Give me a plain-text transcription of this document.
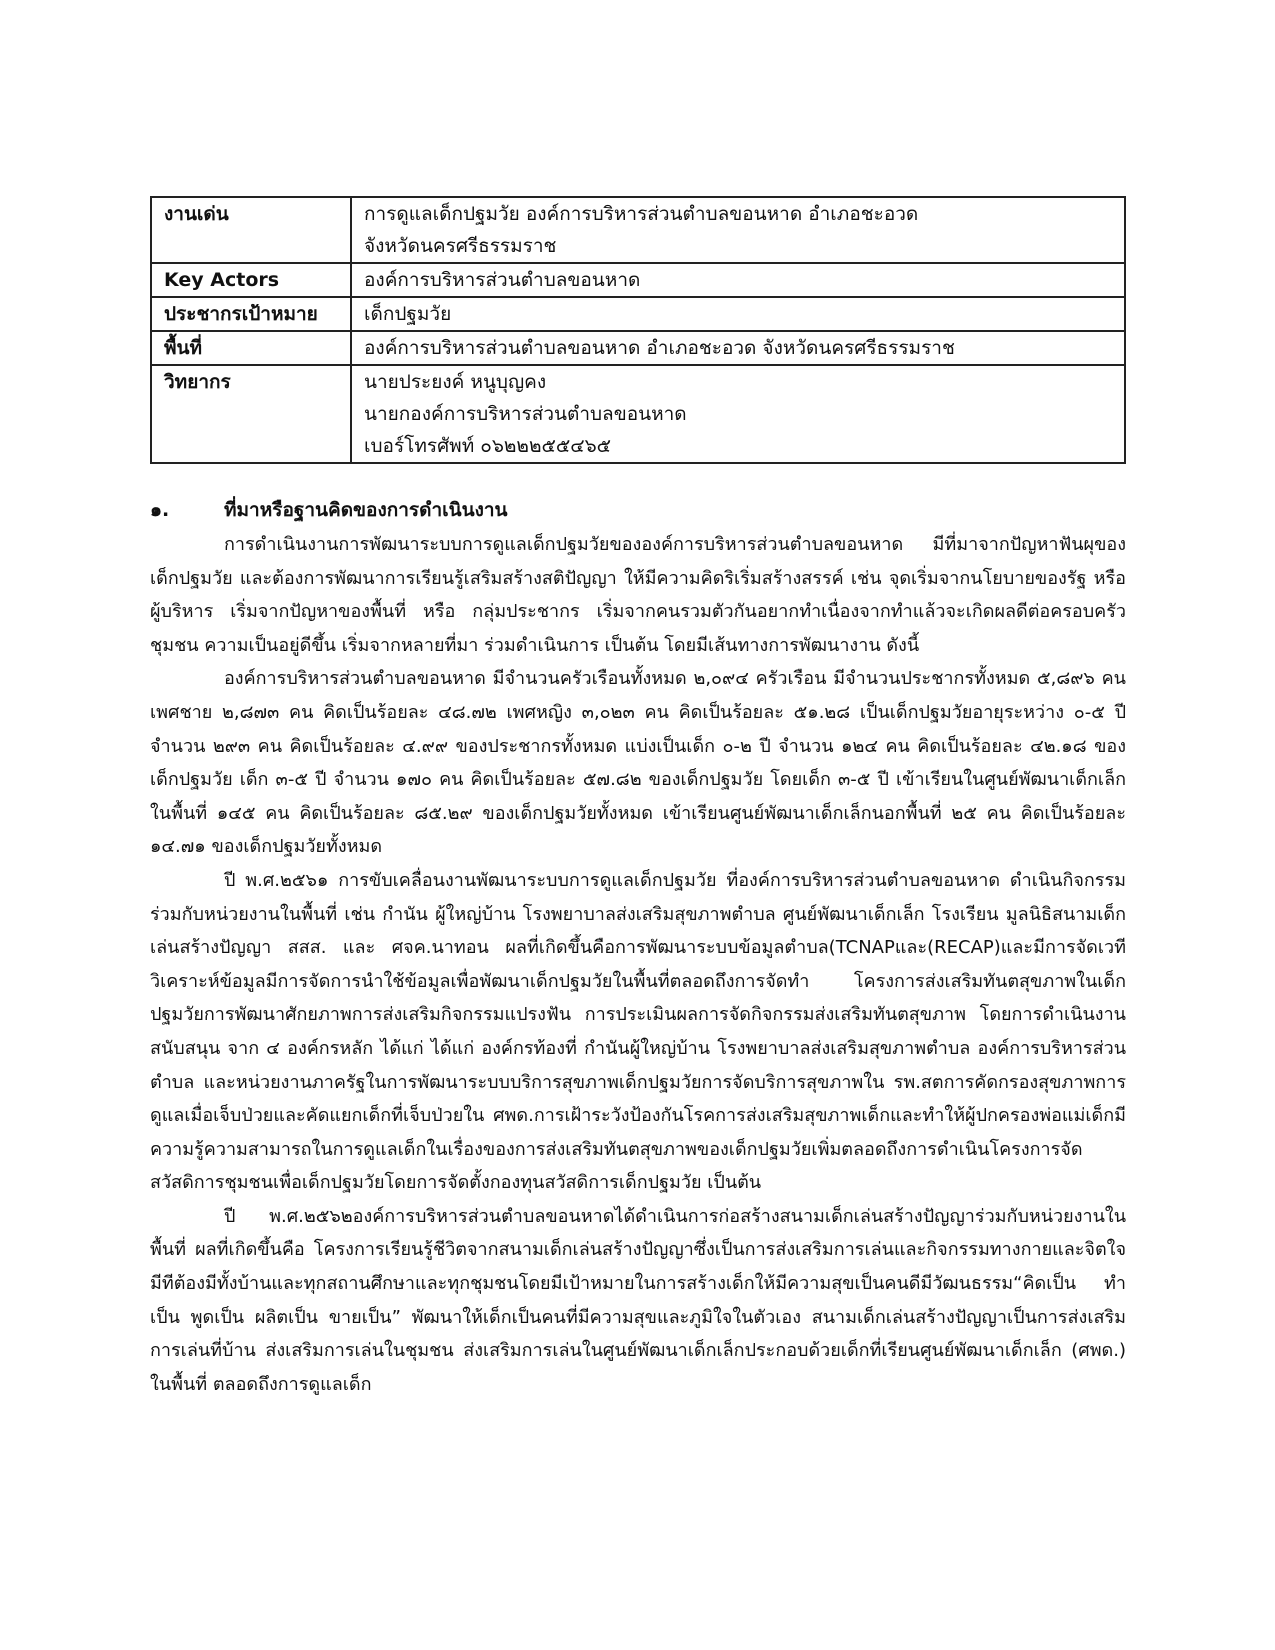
งานเด่น	การดูแลเด็กปฐมวัย องค์การบริหารส่วนตำบลขอนหาด อำเภอชะอวด
จังหวัดนครศรีธรรมราช

Key Actors	องค์การบริหารส่วนตำบลขอนหาด

ประชากรเป้าหมาย	เด็กปฐมวัย

พื้นที่	องค์การบริหารส่วนตำบลขอนหาด อำเภอชะอวด จังหวัดนครศรีธรรมราช

วิทยากร	นายประยงค์ หนูบุญคง
นายกองค์การบริหารส่วนตำบลขอนหาด
เบอร์โทรศัพท์ ๐๖๒๒๒๕๕๔๖๕
๑.	ที่มาหรือฐานคิดของการดำเนินงาน

การดำเนินงานการพัฒนาระบบการดูแลเด็กปฐมวัยขององค์การบริหารส่วนตำบลขอนหาด มีที่มาจากปัญหาฟันผุของเด็กปฐมวัย และต้องการพัฒนาการเรียนรู้เสริมสร้างสติปัญญา ให้มีความคิดริเริ่มสร้างสรรค์ เช่น จุดเริ่มจากนโยบายของรัฐ หรือผู้บริหาร เริ่มจากปัญหาของพื้นที่ หรือ กลุ่มประชากร เริ่มจากคนรวมตัวกันอยากทำเนื่องจากทำแล้วจะเกิดผลดีต่อครอบครัว ชุมชน ความเป็นอยู่ดีขึ้น เริ่มจากหลายที่มา ร่วมดำเนินการ เป็นต้น โดยมีเส้นทางการพัฒนางาน ดังนี้

องค์การบริหารส่วนตำบลขอนหาด มีจำนวนครัวเรือนทั้งหมด ๒,๐๙๔ ครัวเรือน มีจำนวนประชากรทั้งหมด ๕,๘๙๖ คน เพศชาย ๒,๘๗๓ คน คิดเป็นร้อยละ ๔๘.๗๒ เพศหญิง ๓,๐๒๓ คน คิดเป็นร้อยละ ๕๑.๒๘ เป็นเด็กปฐมวัยอายุระหว่าง ๐-๕ ปี จำนวน ๒๙๓ คน คิดเป็นร้อยละ ๔.๙๙ ของประชากรทั้งหมด แบ่งเป็นเด็ก ๐-๒ ปี จำนวน ๑๒๔ คน คิดเป็นร้อยละ ๔๒.๑๘ ของเด็กปฐมวัย เด็ก ๓-๕ ปี จำนวน ๑๗๐ คน คิดเป็นร้อยละ ๕๗.๘๒ ของเด็กปฐมวัย โดยเด็ก ๓-๕ ปี เข้าเรียนในศูนย์พัฒนาเด็กเล็กในพื้นที่ ๑๔๕ คน คิดเป็นร้อยละ ๘๕.๒๙ ของเด็กปฐมวัยทั้งหมด เข้าเรียนศูนย์พัฒนาเด็กเล็กนอกพื้นที่ ๒๕ คน คิดเป็นร้อยละ ๑๔.๗๑ ของเด็กปฐมวัยทั้งหมด

ปี พ.ศ.๒๕๖๑ การขับเคลื่อนงานพัฒนาระบบการดูแลเด็กปฐมวัย ที่องค์การบริหารส่วนตำบลขอนหาด ดำเนินกิจกรรมร่วมกับหน่วยงานในพื้นที่ เช่น กำนัน ผู้ใหญ่บ้าน โรงพยาบาลส่งเสริมสุขภาพตำบล ศูนย์พัฒนาเด็กเล็ก โรงเรียน มูลนิธิสนามเด็กเล่นสร้างปัญญา สสส. และ ศจค.นาทอน ผลที่เกิดขึ้นคือการพัฒนาระบบข้อมูลตำบล(TCNAPและ(RECAP)และมีการจัดเวทีวิเคราะห์ข้อมูลมีการจัดการนำใช้ข้อมูลเพื่อพัฒนาเด็กปฐมวัยในพื้นที่ตลอดถึงการจัดทำ โครงการส่งเสริมทันตสุขภาพในเด็กปฐมวัยการพัฒนาศักยภาพการส่งเสริมกิจกรรมแปรงฟัน การประเมินผลการจัดกิจกรรมส่งเสริมทันตสุขภาพ โดยการดำเนินงานสนับสนุน จาก ๔ องค์กรหลัก ได้แก่ ได้แก่ องค์กรท้องที่ กำนันผู้ใหญ่บ้าน โรงพยาบาลส่งเสริมสุขภาพตำบล องค์การบริหารส่วนตำบล และหน่วยงานภาครัฐในการพัฒนาระบบบริการสุขภาพเด็กปฐมวัยการจัดบริการสุขภาพใน รพ.สตการคัดกรองสุขภาพการดูแลเมื่อเจ็บป่วยและคัดแยกเด็กที่เจ็บป่วยใน ศพด.การเฝ้าระวังป้องกันโรคการส่งเสริมสุขภาพเด็กและทำให้ผู้ปกครองพ่อแม่เด็กมีความรู้ความสามารถในการดูแลเด็กในเรื่องของการส่งเสริมทันตสุขภาพของเด็กปฐมวัยเพิ่มตลอดถึงการดำเนินโครงการจัดสวัสดิการชุมชนเพื่อเด็กปฐมวัยโดยการจัดตั้งกองทุนสวัสดิการเด็กปฐมวัย เป็นต้น

ปี พ.ศ.๒๕๖๒องค์การบริหารส่วนตำบลขอนหาดได้ดำเนินการก่อสร้างสนามเด็กเล่นสร้างปัญญาร่วมกับหน่วยงานในพื้นที่ ผลที่เกิดขึ้นคือ โครงการเรียนรู้ชีวิตจากสนามเด็กเล่นสร้างปัญญาซึ่งเป็นการส่งเสริมการเล่นและกิจกรรมทางกายและจิตใจมีทีต้องมีทั้งบ้านและทุกสถานศึกษาและทุกชุมชนโดยมีเป้าหมายในการสร้างเด็กให้มีความสุขเป็นคนดีมีวัฒนธรรม“คิดเป็น ทำเป็น พูดเป็น ผลิตเป็น ขายเป็น” พัฒนาให้เด็กเป็นคนที่มีความสุขและภูมิใจในตัวเอง สนามเด็กเล่นสร้างปัญญาเป็นการส่งเสริมการเล่นที่บ้าน ส่งเสริมการเล่นในชุมชน ส่งเสริมการเล่นในศูนย์พัฒนาเด็กเล็กประกอบด้วยเด็กที่เรียนศูนย์พัฒนาเด็กเล็ก (ศพด.) ในพื้นที่ ตลอดถึงการดูแลเด็ก
